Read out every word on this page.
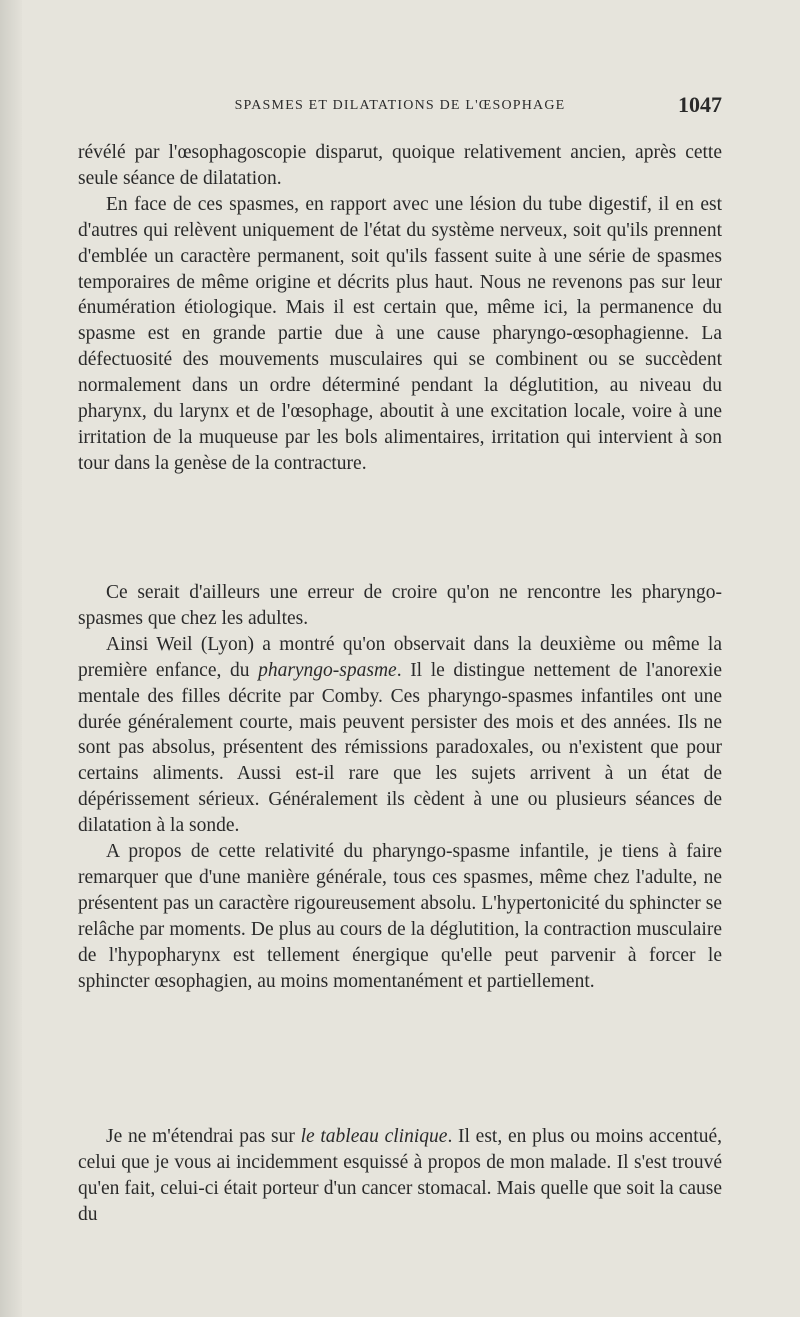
SPASMES ET DILATATIONS DE L'ŒSOPHAGE	1047

révélé par l'œsophagoscopie disparut, quoique relativement ancien, après cette seule séance de dilatation.

En face de ces spasmes, en rapport avec une lésion du tube digestif, il en est d'autres qui relèvent uniquement de l'état du système nerveux, soit qu'ils prennent d'emblée un caractère permanent, soit qu'ils fassent suite à une série de spasmes temporaires de même origine et décrits plus haut. Nous ne revenons pas sur leur énumération étiologique. Mais il est certain que, même ici, la permanence du spasme est en grande partie due à une cause pharyngo-œsophagienne. La défectuosité des mouvements musculaires qui se combinent ou se succèdent normalement dans un ordre déterminé pendant la déglutition, au niveau du pharynx, du larynx et de l'œsophage, aboutit à une excitation locale, voire à une irritation de la muqueuse par les bols alimentaires, irritation qui intervient à son tour dans la genèse de la contracture.

Ce serait d'ailleurs une erreur de croire qu'on ne rencontre les pharyngo-spasmes que chez les adultes.

Ainsi Weil (Lyon) a montré qu'on observait dans la deuxième ou même la première enfance, du pharyngo-spasme. Il le distingue nettement de l'anorexie mentale des filles décrite par Comby. Ces pharyngo-spasmes infantiles ont une durée généralement courte, mais peuvent persister des mois et des années. Ils ne sont pas absolus, présentent des rémissions paradoxales, ou n'existent que pour certains aliments. Aussi est-il rare que les sujets arrivent à un état de dépérissement sérieux. Généralement ils cèdent à une ou plusieurs séances de dilatation à la sonde.

A propos de cette relativité du pharyngo-spasme infantile, je tiens à faire remarquer que d'une manière générale, tous ces spasmes, même chez l'adulte, ne présentent pas un caractère rigoureusement absolu. L'hypertonicité du sphincter se relâche par moments. De plus au cours de la déglutition, la contraction musculaire de l'hypopharynx est tellement énergique qu'elle peut parvenir à forcer le sphincter œsophagien, au moins momentanément et partiellement.

Je ne m'étendrai pas sur le tableau clinique. Il est, en plus ou moins accentué, celui que je vous ai incidemment esquissé à propos de mon malade. Il s'est trouvé qu'en fait, celui-ci était porteur d'un cancer stomacal. Mais quelle que soit la cause du
